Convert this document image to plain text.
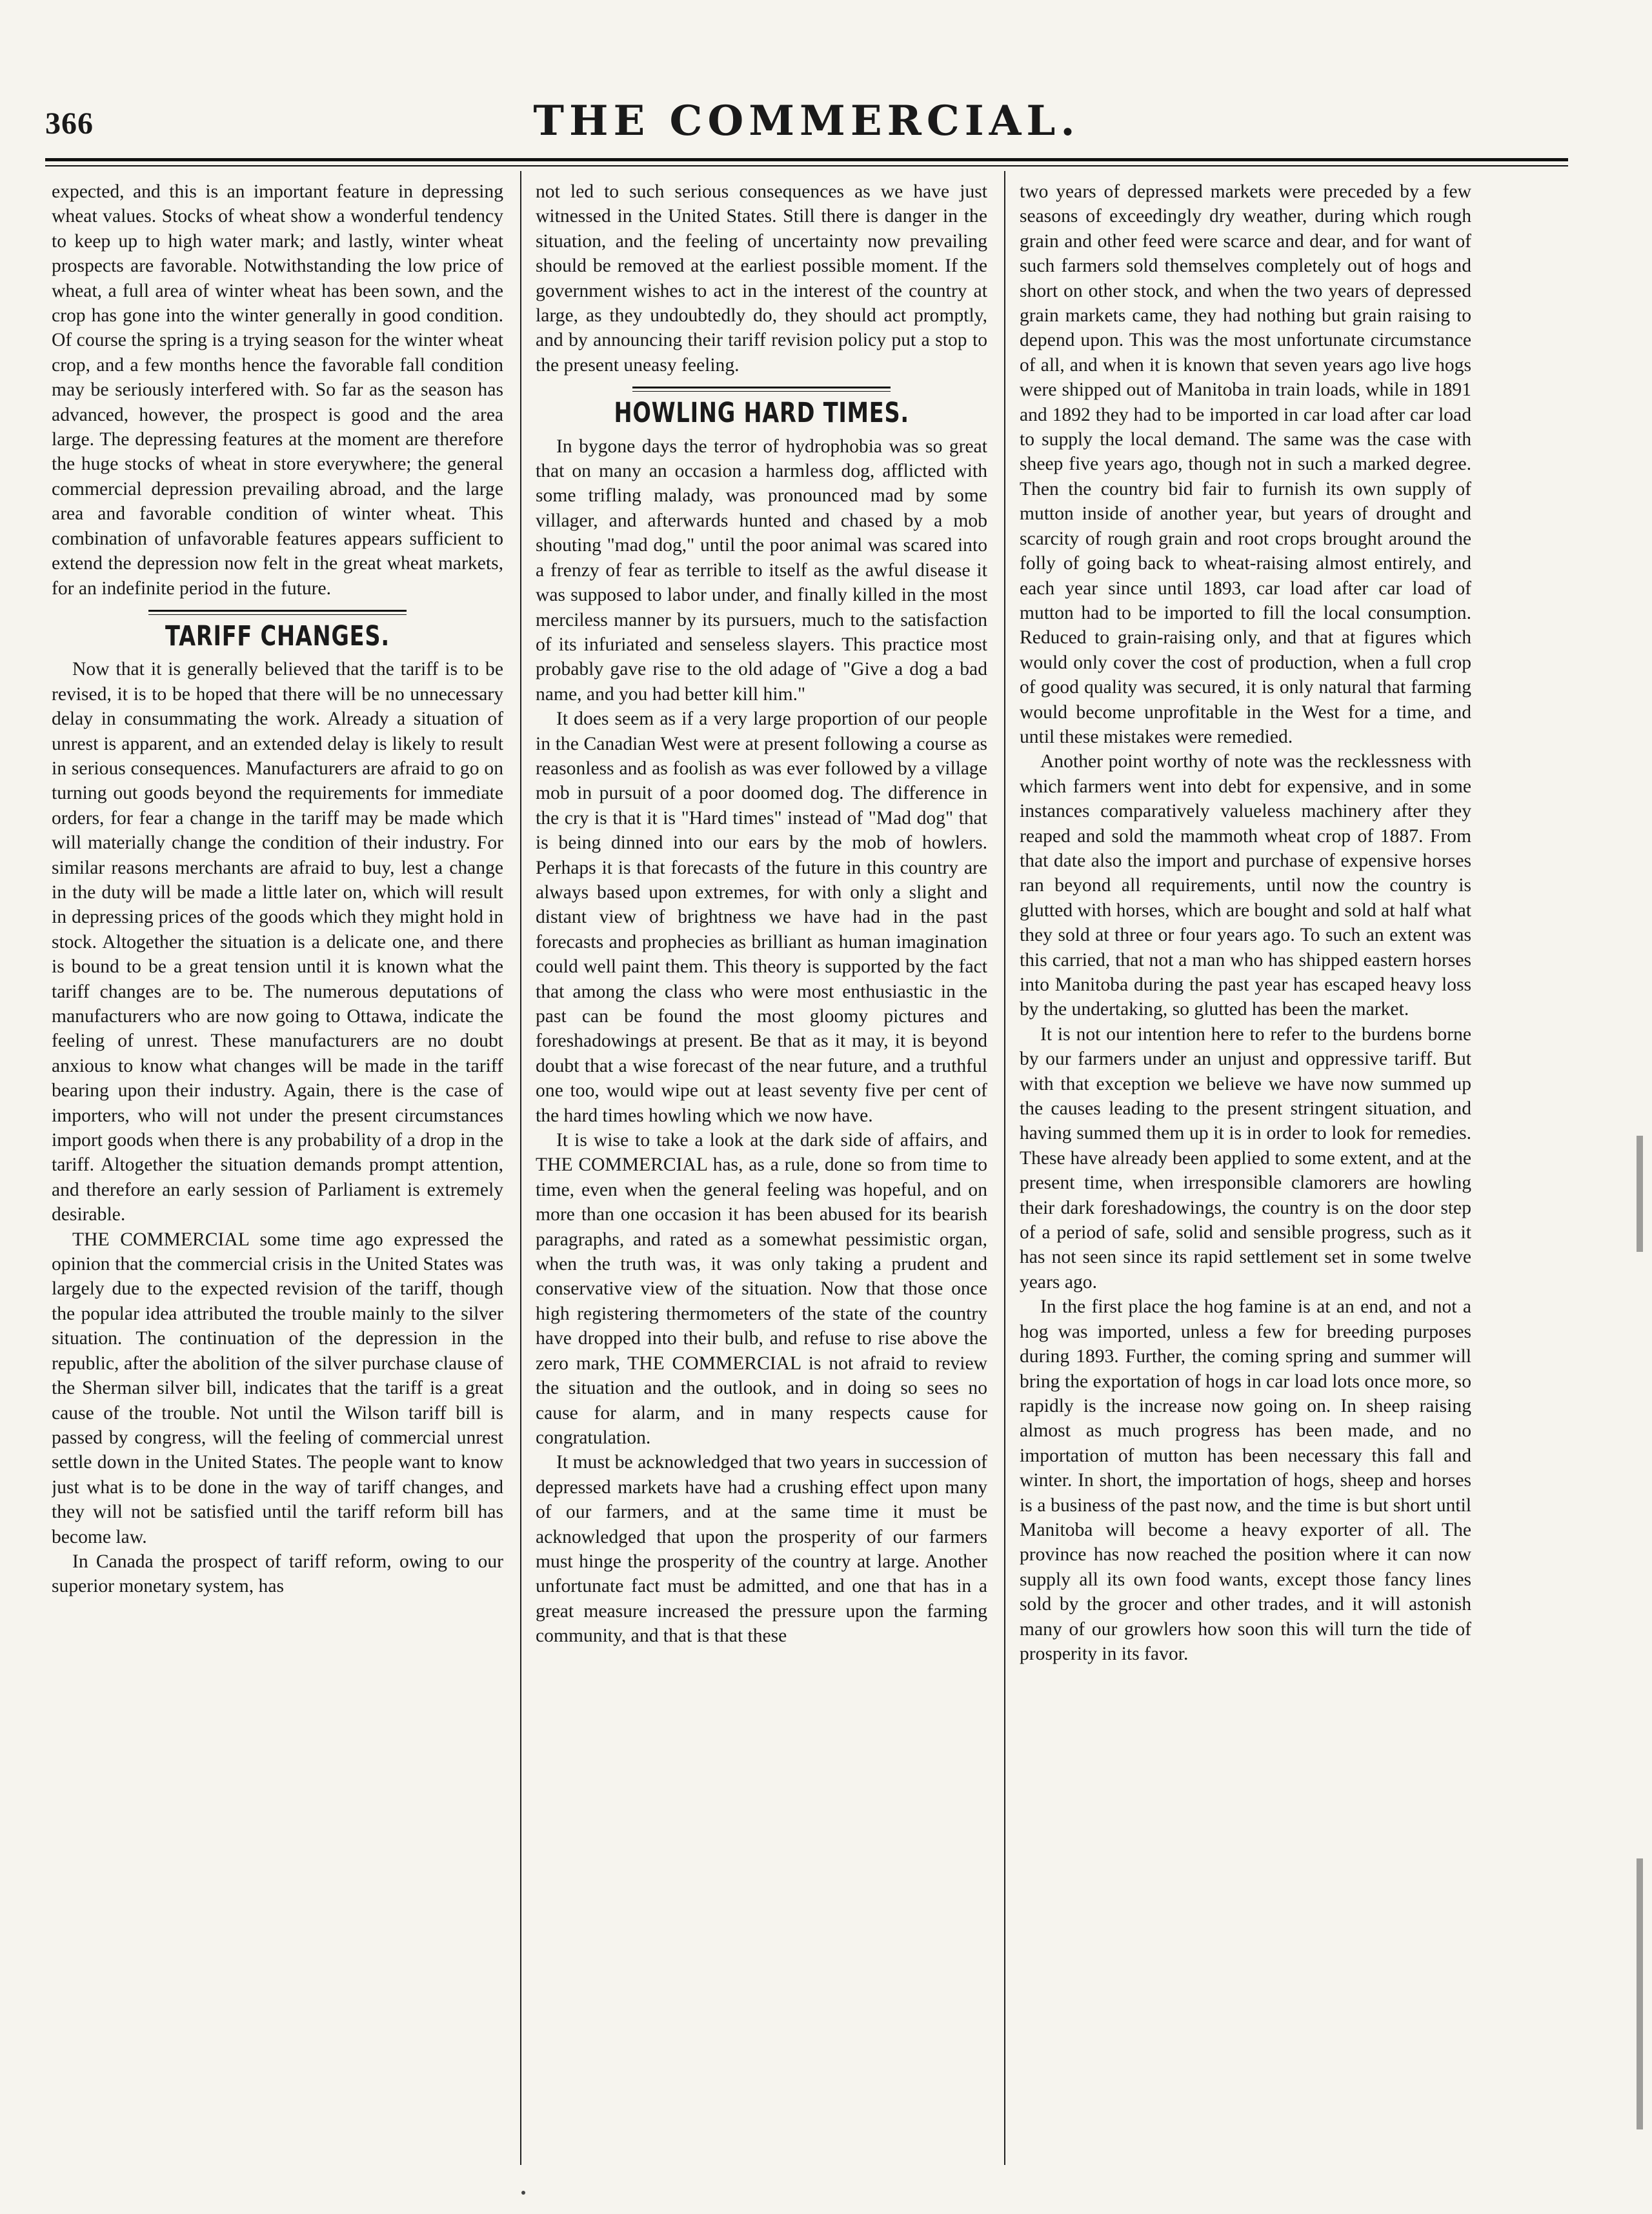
366	THE COMMERCIAL.

expected, and this is an important feature in depressing wheat values. Stocks of wheat show a wonderful tendency to keep up to high water mark; and lastly, winter wheat prospects are favorable. Notwithstanding the low price of wheat, a full area of winter wheat has been sown, and the crop has gone into the winter generally in good condition. Of course the spring is a trying season for the winter wheat crop, and a few months hence the favorable fall condition may be seriously interfered with. So far as the season has advanced, however, the prospect is good and the area large. The depressing features at the moment are therefore the huge stocks of wheat in store everywhere; the general commercial depression prevailing abroad, and the large area and favorable condition of winter wheat. This combination of unfavorable features appears sufficient to extend the depression now felt in the great wheat markets, for an indefinite period in the future.

TARIFF CHANGES.

Now that it is generally believed that the tariff is to be revised, it is to be hoped that there will be no unnecessary delay in consummating the work. Already a situation of unrest is apparent, and an extended delay is likely to result in serious consequences. Manufacturers are afraid to go on turning out goods beyond the requirements for immediate orders, for fear a change in the tariff may be made which will materially change the condition of their industry. For similar reasons merchants are afraid to buy, lest a change in the duty will be made a little later on, which will result in depressing prices of the goods which they might hold in stock. Altogether the situation is a delicate one, and there is bound to be a great tension until it is known what the tariff changes are to be. The numerous deputations of manufacturers who are now going to Ottawa, indicate the feeling of unrest. These manufacturers are no doubt anxious to know what changes will be made in the tariff bearing upon their industry. Again, there is the case of importers, who will not under the present circumstances import goods when there is any probability of a drop in the tariff. Altogether the situation demands prompt attention, and therefore an early session of Parliament is extremely desirable.

THE COMMERCIAL some time ago expressed the opinion that the commercial crisis in the United States was largely due to the expected revision of the tariff, though the popular idea attributed the trouble mainly to the silver situation. The continuation of the depression in the republic, after the abolition of the silver purchase clause of the Sherman silver bill, indicates that the tariff is a great cause of the trouble. Not until the Wilson tariff bill is passed by congress, will the feeling of commercial unrest settle down in the United States. The people want to know just what is to be done in the way of tariff changes, and they will not be satisfied until the tariff reform bill has become law.

In Canada the prospect of tariff reform, owing to our superior monetary system, has

not led to such serious consequences as we have just witnessed in the United States. Still there is danger in the situation, and the feeling of uncertainty now prevailing should be removed at the earliest possible moment. If the government wishes to act in the interest of the country at large, as they undoubtedly do, they should act promptly, and by announcing their tariff revision policy put a stop to the present uneasy feeling.

HOWLING HARD TIMES.

In bygone days the terror of hydrophobia was so great that on many an occasion a harmless dog, afflicted with some trifling malady, was pronounced mad by some villager, and afterwards hunted and chased by a mob shouting "mad dog," until the poor animal was scared into a frenzy of fear as terrible to itself as the awful disease it was supposed to labor under, and finally killed in the most merciless manner by its pursuers, much to the satisfaction of its infuriated and senseless slayers. This practice most probably gave rise to the old adage of "Give a dog a bad name, and you had better kill him."

It does seem as if a very large proportion of our people in the Canadian West were at present following a course as reasonless and as foolish as was ever followed by a village mob in pursuit of a poor doomed dog. The difference in the cry is that it is "Hard times" instead of "Mad dog" that is being dinned into our ears by the mob of howlers. Perhaps it is that forecasts of the future in this country are always based upon extremes, for with only a slight and distant view of brightness we have had in the past forecasts and prophecies as brilliant as human imagination could well paint them. This theory is supported by the fact that among the class who were most enthusiastic in the past can be found the most gloomy pictures and foreshadowings at present. Be that as it may, it is beyond doubt that a wise forecast of the near future, and a truthful one too, would wipe out at least seventy five per cent of the hard times howling which we now have.

It is wise to take a look at the dark side of affairs, and THE COMMERCIAL has, as a rule, done so from time to time, even when the general feeling was hopeful, and on more than one occasion it has been abused for its bearish paragraphs, and rated as a somewhat pessimistic organ, when the truth was, it was only taking a prudent and conservative view of the situation. Now that those once high registering thermometers of the state of the country have dropped into their bulb, and refuse to rise above the zero mark, THE COMMERCIAL is not afraid to review the situation and the outlook, and in doing so sees no cause for alarm, and in many respects cause for congratulation.

It must be acknowledged that two years in succession of depressed markets have had a crushing effect upon many of our farmers, and at the same time it must be acknowledged that upon the prosperity of our farmers must hinge the prosperity of the country at large. Another unfortunate fact must be admitted, and one that has in a great measure increased the pressure upon the farming community, and that is that these

two years of depressed markets were preceded by a few seasons of exceedingly dry weather, during which rough grain and other feed were scarce and dear, and for want of such farmers sold themselves completely out of hogs and short on other stock, and when the two years of depressed grain markets came, they had nothing but grain raising to depend upon. This was the most unfortunate circumstance of all, and when it is known that seven years ago live hogs were shipped out of Manitoba in train loads, while in 1891 and 1892 they had to be imported in car load after car load to supply the local demand. The same was the case with sheep five years ago, though not in such a marked degree. Then the country bid fair to furnish its own supply of mutton inside of another year, but years of drought and scarcity of rough grain and root crops brought around the folly of going back to wheat-raising almost entirely, and each year since until 1893, car load after car load of mutton had to be imported to fill the local consumption. Reduced to grain-raising only, and that at figures which would only cover the cost of production, when a full crop of good quality was secured, it is only natural that farming would become unprofitable in the West for a time, and until these mistakes were remedied.

Another point worthy of note was the recklessness with which farmers went into debt for expensive, and in some instances comparatively valueless machinery after they reaped and sold the mammoth wheat crop of 1887. From that date also the import and purchase of expensive horses ran beyond all requirements, until now the country is glutted with horses, which are bought and sold at half what they sold at three or four years ago. To such an extent was this carried, that not a man who has shipped eastern horses into Manitoba during the past year has escaped heavy loss by the undertaking, so glutted has been the market.

It is not our intention here to refer to the burdens borne by our farmers under an unjust and oppressive tariff. But with that exception we believe we have now summed up the causes leading to the present stringent situation, and having summed them up it is in order to look for remedies. These have already been applied to some extent, and at the present time, when irresponsible clamorers are howling their dark foreshadowings, the country is on the door step of a period of safe, solid and sensible progress, such as it has not seen since its rapid settlement set in some twelve years ago.

In the first place the hog famine is at an end, and not a hog was imported, unless a few for breeding purposes during 1893. Further, the coming spring and summer will bring the exportation of hogs in car load lots once more, so rapidly is the increase now going on. In sheep raising almost as much progress has been made, and no importation of mutton has been necessary this fall and winter. In short, the importation of hogs, sheep and horses is a business of the past now, and the time is but short until Manitoba will become a heavy exporter of all. The province has now reached the position where it can now supply all its own food wants, except those fancy lines sold by the grocer and other trades, and it will astonish many of our growlers how soon this will turn the tide of prosperity in its favor.
